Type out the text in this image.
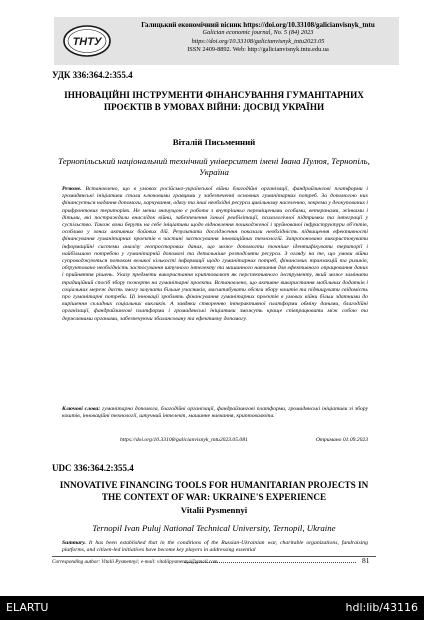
ТНТУ
Галицький економічний вісник https://doi.org/10.33108/galicianvisnyk_tntu
Galician economic journal, No. 5 (84) 2023
https://doi.org/10.33108/galicianvisnyk_tntu2023.05
ISSN 2409-8892. Web: http://galicianvisnyk.tntu.edu.ua
УДК 336:364.2:355.4
ІННОВАЦІЙНІ ІНСТРУМЕНТИ ФІНАНСУВАННЯ ГУМАНІТАРНИХ ПРОЄКТІВ В УМОВАХ ВІЙНИ: ДОСВІД УКРАЇНИ
Віталій Письменний
Тернопільський національний технічний університет імені Івана Пулюя, Тернопіль, Україна
Резюме. Встановлено, що в умовах російсько-української війни благодійні організації, фандрайзингові платформи і громадянські ініціативи стали ключовими гравцями у забезпеченні основних гуманітарних потреб. За допомогою них фінансується надання допомоги, харчування, одягу та інші необхідні ресурси цивільному населенню, зокрема у деокупованих і прифронтових територіях. Не менш значущою є робота з внутрішньо переміщеними особами, ветеранами, жінками і дітьми, які постраждали внаслідок війни, забезпечення їхньої реабілітації, психологічної підтримки та інтеграції у суспільство. Також вони беруть на себе ініціативи щодо відновлення пошкодженої і зруйнованої інфраструктури об'єктів, особливо у зонах активних бойових дій. Результати дослідження показали необхідність підвищення ефективності фінансування гуманітарних проєктів в частині застосування інноваційних технологій. Запропоновано використовувати інформаційні системи аналізу геопросторових даних, що може допомогти точніше ідентифікувати території і найбільшою потребою у гуманітарній допомозі та детальніше розподіляти ресурси. З огляду на те, що умови війни супроводжуються потоком великої кількості інформації щодо гуманітарних потреб, фінансових транзакцій та ризиків, обґрунтовано необхідність застосування штучного інтелекту та машинного навчання для ефективного опрацювання даних і прийняття рішень. Указу предмети використання криптовалют як перспективного інструменту, який може замінити традиційний спосіб збору пожертв на гуманітарні проєкти. Встановлено, що активне використання мобільних додатків і соціальних мереж дасть змогу залучати більше учасників, масштабувати обсяги збору коштів та підвищувати свідомість про гуманітарні потреби. Ці інновації зроблять фінансування гуманітарних проєктів в умовах війни більш здатними до вирішення складних соціальних викликів. А завдяки створенню інтерактивної платформи обміну даними, благодійні організації, фандрайзингові платформи і громадянські ініціативи зможуть краще співпрацювати між собою та державними органами, забезпечуючи збалансовану та ефективну допомогу.
Ключові слова: гуманітарна допомога, благодійні організації, фандрайзингові платформи, громадянські ініціативи зі збору коштів, інноваційні технології, штучний інтелект, машинне навчання, криптовалюта.
https://doi.org/10.33108/galicianvisnyk_tntu2023.05.081	Отримано 01.09.2023
UDC 336:364.2:355.4
INNOVATIVE FINANCING TOOLS FOR HUMANITARIAN PROJECTS IN THE CONTEXT OF WAR: UKRAINE'S EXPERIENCE
Vitalii Pysmennyi
Ternopil Ivan Puluj National Technical University, Ternopil, Ukraine
Summary. It has been established that in the conditions of the Russian-Ukrainian war, charitable organizations, fundraising platforms, and citizen-led initiatives have become key players in addressing essential
Corresponding author: Vitalii Pysmennyi; e-mail: vitaliipysmennyi@gmail.com	81
ELARTU	hdl:lib/43116
